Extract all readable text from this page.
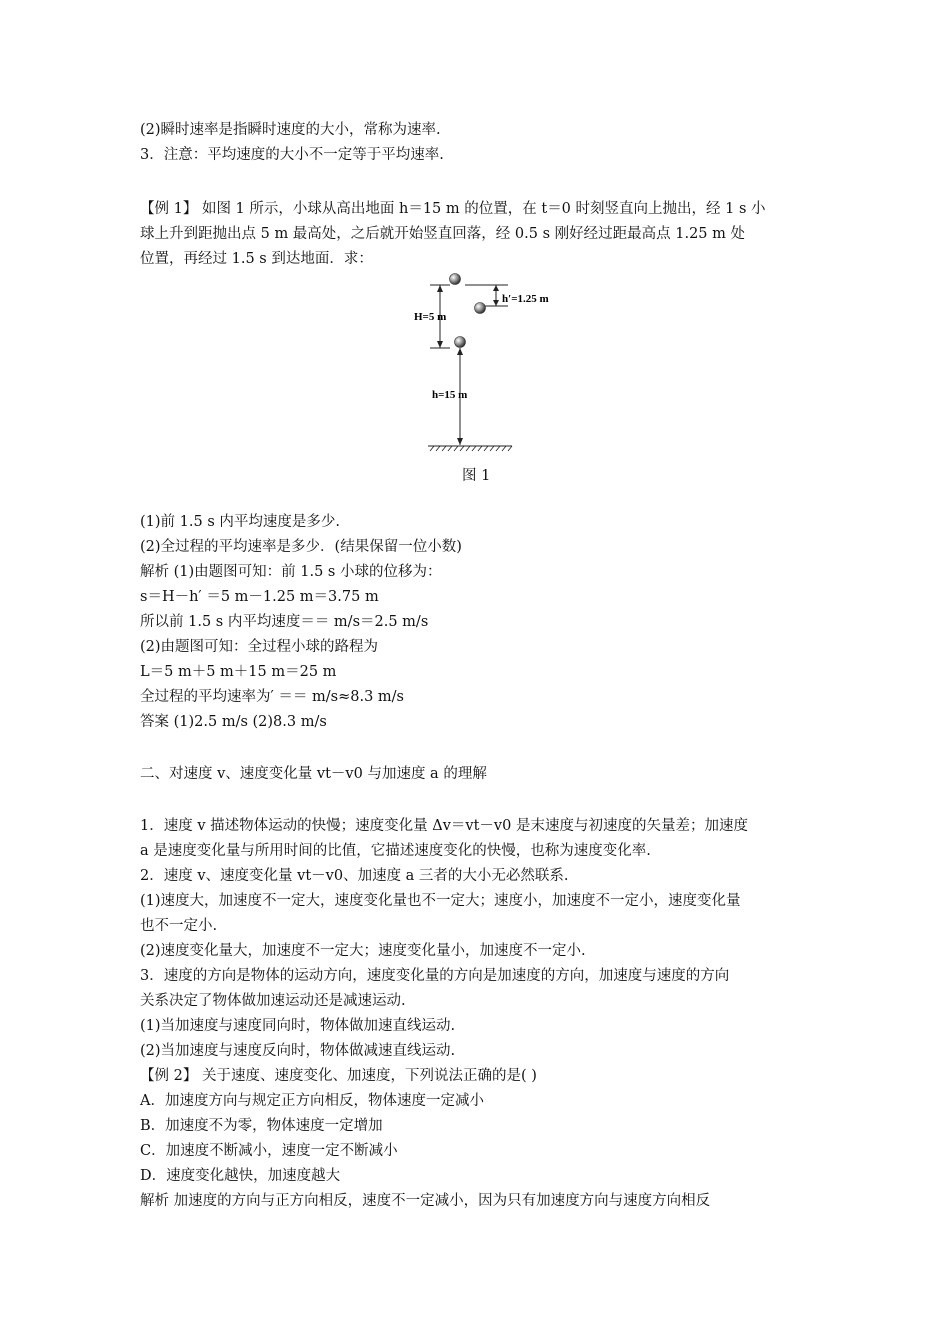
(2)瞬时速率是指瞬时速度的大小，常称为速率.
3．注意：平均速度的大小不一定等于平均速率.
【例 1】 如图 1 所示，小球从高出地面 h＝15 m 的位置，在 t＝0 时刻竖直向上抛出，经 1 s 小
球上升到距抛出点 5 m 最高处，之后就开始竖直回落，经 0.5 s 刚好经过距最高点 1.25 m 处
位置，再经过 1.5 s 到达地面．求：
(1)前 1.5 s 内平均速度是多少.
(2)全过程的平均速率是多少．(结果保留一位小数)
解析 (1)由题图可知：前 1.5 s 小球的位移为：
s＝H－h′ ＝5 m－1.25 m＝3.75 m
所以前 1.5 s 内平均速度＝＝ m/s＝2.5 m/s
(2)由题图可知：全过程小球的路程为
L＝5 m＋5 m＋15 m＝25 m
全过程的平均速率为′ ＝＝ m/s≈8.3 m/s
答案 (1)2.5 m/s (2)8.3 m/s
二、对速度 v、速度变化量 vt－v0 与加速度 a 的理解
1．速度 v 描述物体运动的快慢；速度变化量 Δv＝vt－v0 是末速度与初速度的矢量差；加速度
a 是速度变化量与所用时间的比值，它描述速度变化的快慢，也称为速度变化率.
2．速度 v、速度变化量 vt－v0、加速度 a 三者的大小无必然联系.
(1)速度大，加速度不一定大，速度变化量也不一定大；速度小，加速度不一定小，速度变化量
也不一定小.
(2)速度变化量大，加速度不一定大；速度变化量小，加速度不一定小.
3．速度的方向是物体的运动方向，速度变化量的方向是加速度的方向，加速度与速度的方向
关系决定了物体做加速运动还是减速运动.
(1)当加速度与速度同向时，物体做加速直线运动.
(2)当加速度与速度反向时，物体做减速直线运动.
【例 2】 关于速度、速度变化、加速度，下列说法正确的是( )
A．加速度方向与规定正方向相反，物体速度一定减小
B．加速度不为零，物体速度一定增加
C．加速度不断减小，速度一定不断减小
D．速度变化越快，加速度越大
解析 加速度的方向与正方向相反，速度不一定减小，因为只有加速度方向与速度方向相反
H=5 m
h′=1.25 m
h=15 m
图 1
